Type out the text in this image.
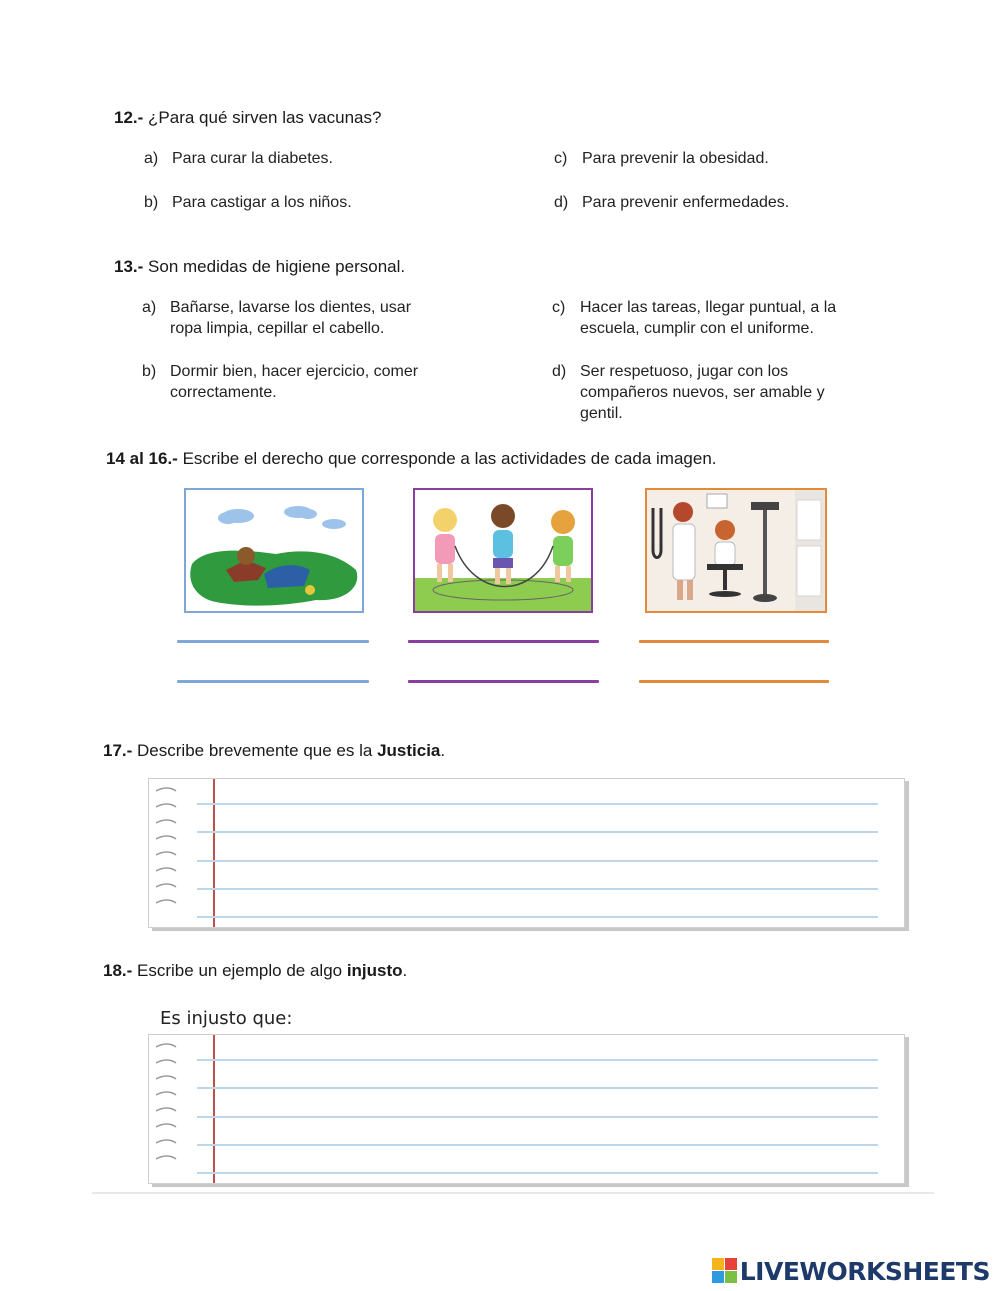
12.- ¿Para qué sirven las vacunas?
a) Para curar la diabetes.
b) Para castigar a los niños.
c) Para prevenir la obesidad.
d) Para prevenir enfermedades.
13.- Son medidas de higiene personal.
a) Bañarse, lavarse los dientes, usar
ropa limpia, cepillar el cabello.
b) Dormir bien, hacer ejercicio, comer
correctamente.
c) Hacer las tareas, llegar puntual, a la
escuela, cumplir con el uniforme.
d) Ser respetuoso, jugar con los
compañeros nuevos, ser amable y
gentil.
14 al 16.- Escribe el derecho que corresponde a las actividades de cada imagen.
17.- Describe brevemente que es la Justicia.
18.- Escribe un ejemplo de algo injusto.
Es injusto que:
LIVEWORKSHEETS
